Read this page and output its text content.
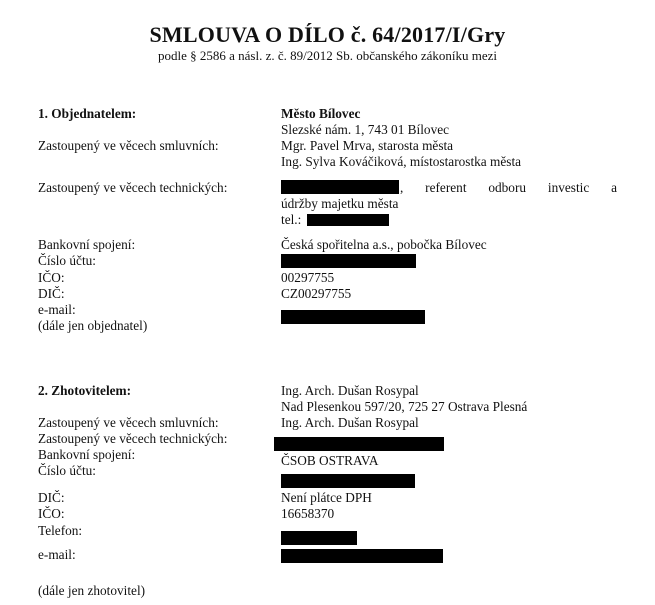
SMLOUVA O DÍLO č. 64/2017/I/Gry
podle § 2586 a násl. z. č. 89/2012 Sb. občanského zákoníku mezi
1. Objednatelem:	Město Bílovec
Slezské nám. 1, 743 01 Bílovec
Zastoupený ve věcech smluvních:	Mgr. Pavel Mrva, starosta města
Ing. Sylva Kováčiková, místostarostka města
Zastoupený ve věcech technických:	, referent odboru investic a
údržby majetku města
tel.:
Bankovní spojení:	Česká spořitelna a.s., pobočka Bílovec
Číslo účtu:
IČO:	00297755
DIČ:	CZ00297755
e-mail:
(dále jen objednatel)
2. Zhotovitelem:	Ing. Arch. Dušan Rosypal
Nad Plesenkou 597/20, 725 27 Ostrava Plesná
Zastoupený ve věcech smluvních:	Ing. Arch. Dušan Rosypal
Zastoupený ve věcech technických:
Bankovní spojení:	ČSOB OSTRAVA
Číslo účtu:
DIČ:	Není plátce DPH
IČO:	16658370
Telefon:
e-mail:
(dále jen zhotovitel)
